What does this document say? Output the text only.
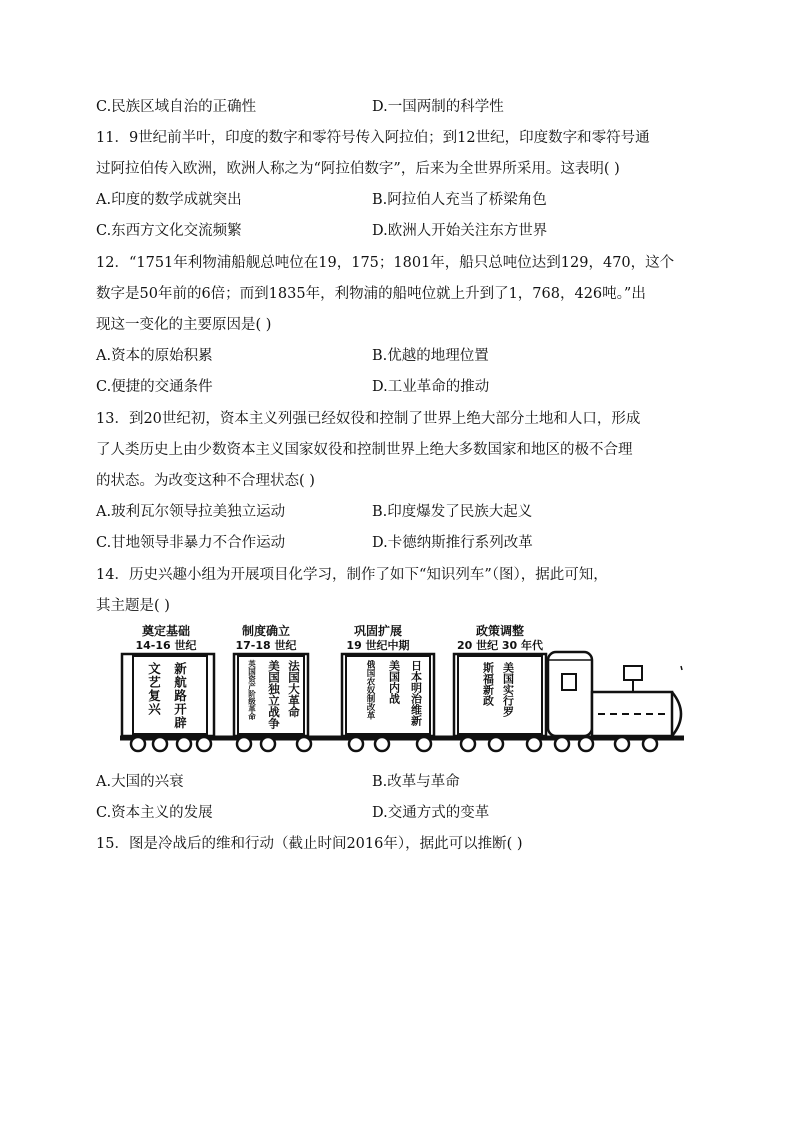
C.民族区域自治的正确性	D.一国两制的科学性
11．9世纪前半叶，印度的数字和零符号传入阿拉伯；到12世纪，印度数字和零符号通
过阿拉伯传入欧洲，欧洲人称之为“阿拉伯数字”，后来为全世界所采用。这表明( )
A.印度的数学成就突出	B.阿拉伯人充当了桥梁角色
C.东西方文化交流频繁	D.欧洲人开始关注东方世界
12．“1751年利物浦船舰总吨位在19，175；1801年，船只总吨位达到129，470，这个
数字是50年前的6倍；而到1835年，利物浦的船吨位就上升到了1，768，426吨。”出
现这一变化的主要原因是( )
A.资本的原始积累	B.优越的地理位置
C.便捷的交通条件	D.工业革命的推动
13．到20世纪初，资本主义列强已经奴役和控制了世界上绝大部分土地和人口，形成
了人类历史上由少数资本主义国家奴役和控制世界上绝大多数国家和地区的极不合理
的状态。为改变这种不合理状态( )
A.玻利瓦尔领导拉美独立运动	B.印度爆发了民族大起义
C.甘地领导非暴力不合作运动	D.卡德纳斯推行系列改革
14．历史兴趣小组为开展项目化学习，制作了如下“知识列车”（图），据此可知，
其主题是( )
奠定基础
14-16 世纪
新航路开辟
文艺复兴
制度确立
17-18 世纪
法国大革命
美国独立战争
英国资产阶级革命
巩固扩展
19 世纪中期
日本明治维新
美国内战
俄国农奴制改革
政策调整
20 世纪 30 年代
美国实行罗
斯福新政
A.大国的兴衰	B.改革与革命
C.资本主义的发展	D.交通方式的变革
15．图是冷战后的维和行动（截止时间2016年），据此可以推断( )
